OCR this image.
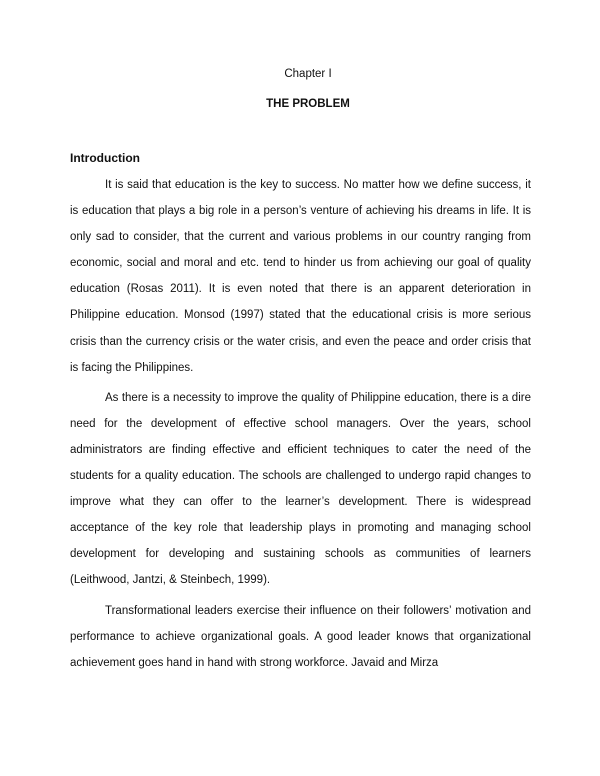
Chapter I
THE PROBLEM
Introduction

It is said that education is the key to success. No matter how we define success, it is education that plays a big role in a person’s venture of achieving his dreams in life. It is only sad to consider, that the current and various problems in our country ranging from economic, social and moral and etc. tend to hinder us from achieving our goal of quality education (Rosas 2011). It is even noted that there is an apparent deterioration in Philippine education. Monsod (1997) stated that the educational crisis is more serious crisis than the currency crisis or the water crisis, and even the peace and order crisis that is facing the Philippines.

As there is a necessity to improve the quality of Philippine education, there is a dire need for the development of effective school managers. Over the years, school administrators are finding effective and efficient techniques to cater the need of the students for a quality education. The schools are challenged to undergo rapid changes to improve what they can offer to the learner’s development. There is widespread acceptance of the key role that leadership plays in promoting and managing school development for developing and sustaining schools as communities of learners (Leithwood, Jantzi, & Steinbech, 1999).

Transformational leaders exercise their influence on their followers’ motivation and performance to achieve organizational goals. A good leader knows that organizational achievement goes hand in hand with strong workforce. Javaid and Mirza
